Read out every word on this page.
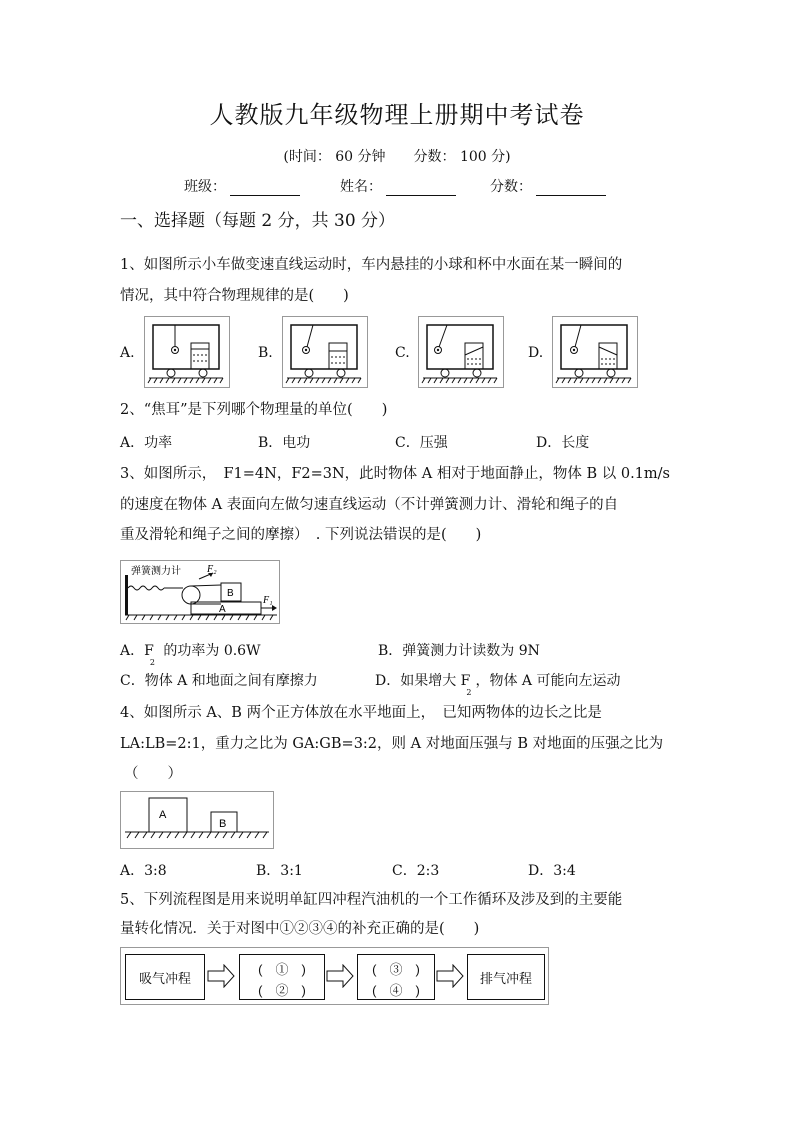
人教版九年级物理上册期中考试卷
(时间： 60 分钟　　分数： 100 分)
班级：	姓名：	分数：
一、选择题（每题 2 分，共 30 分）
1、如图所示小车做变速直线运动时，车内悬挂的小球和杯中水面在某一瞬间的
情况，其中符合物理规律的是(　　)
A.	B.	C.	D.
2、“焦耳”是下列哪个物理量的单位(　　)
A．功率	B．电功	C．压强	D．长度
3、如图所示，　F1=4N，F2=3N，此时物体 A 相对于地面静止，物体 B 以 0.1m/s
的速度在物体 A 表面向左做匀速直线运动（不计弹簧测力计、滑轮和绳子的自
重及滑轮和绳子之间的摩擦）　. 下列说法错误的是(　　)
弹簧测力计
B
F₂
A
F₁
A．$F_2$ 的功率为 0.6W	B．弹簧测力计读数为 9N
C．物体 A 和地面之间有摩擦力	D．如果增大 $F_2$，物体 A 可能向左运动
4、如图所示 A、B 两个正方体放在水平地面上，　已知两物体的边长之比是
LA:LB=2:1，重力之比为 GA:GB=3:2，则 A 对地面压强与 B 对地面的压强之比为
（　　）
A
B
A．3:8	B．3:1	C．2:3	D．3:4
5、下列流程图是用来说明单缸四冲程汽油机的一个工作循环及涉及到的主要能
量转化情况．关于对图中①②③④的补充正确的是(　　)
吸气冲程
(　①　)
(　②　)
(　③　)
(　④　)
排气冲程
